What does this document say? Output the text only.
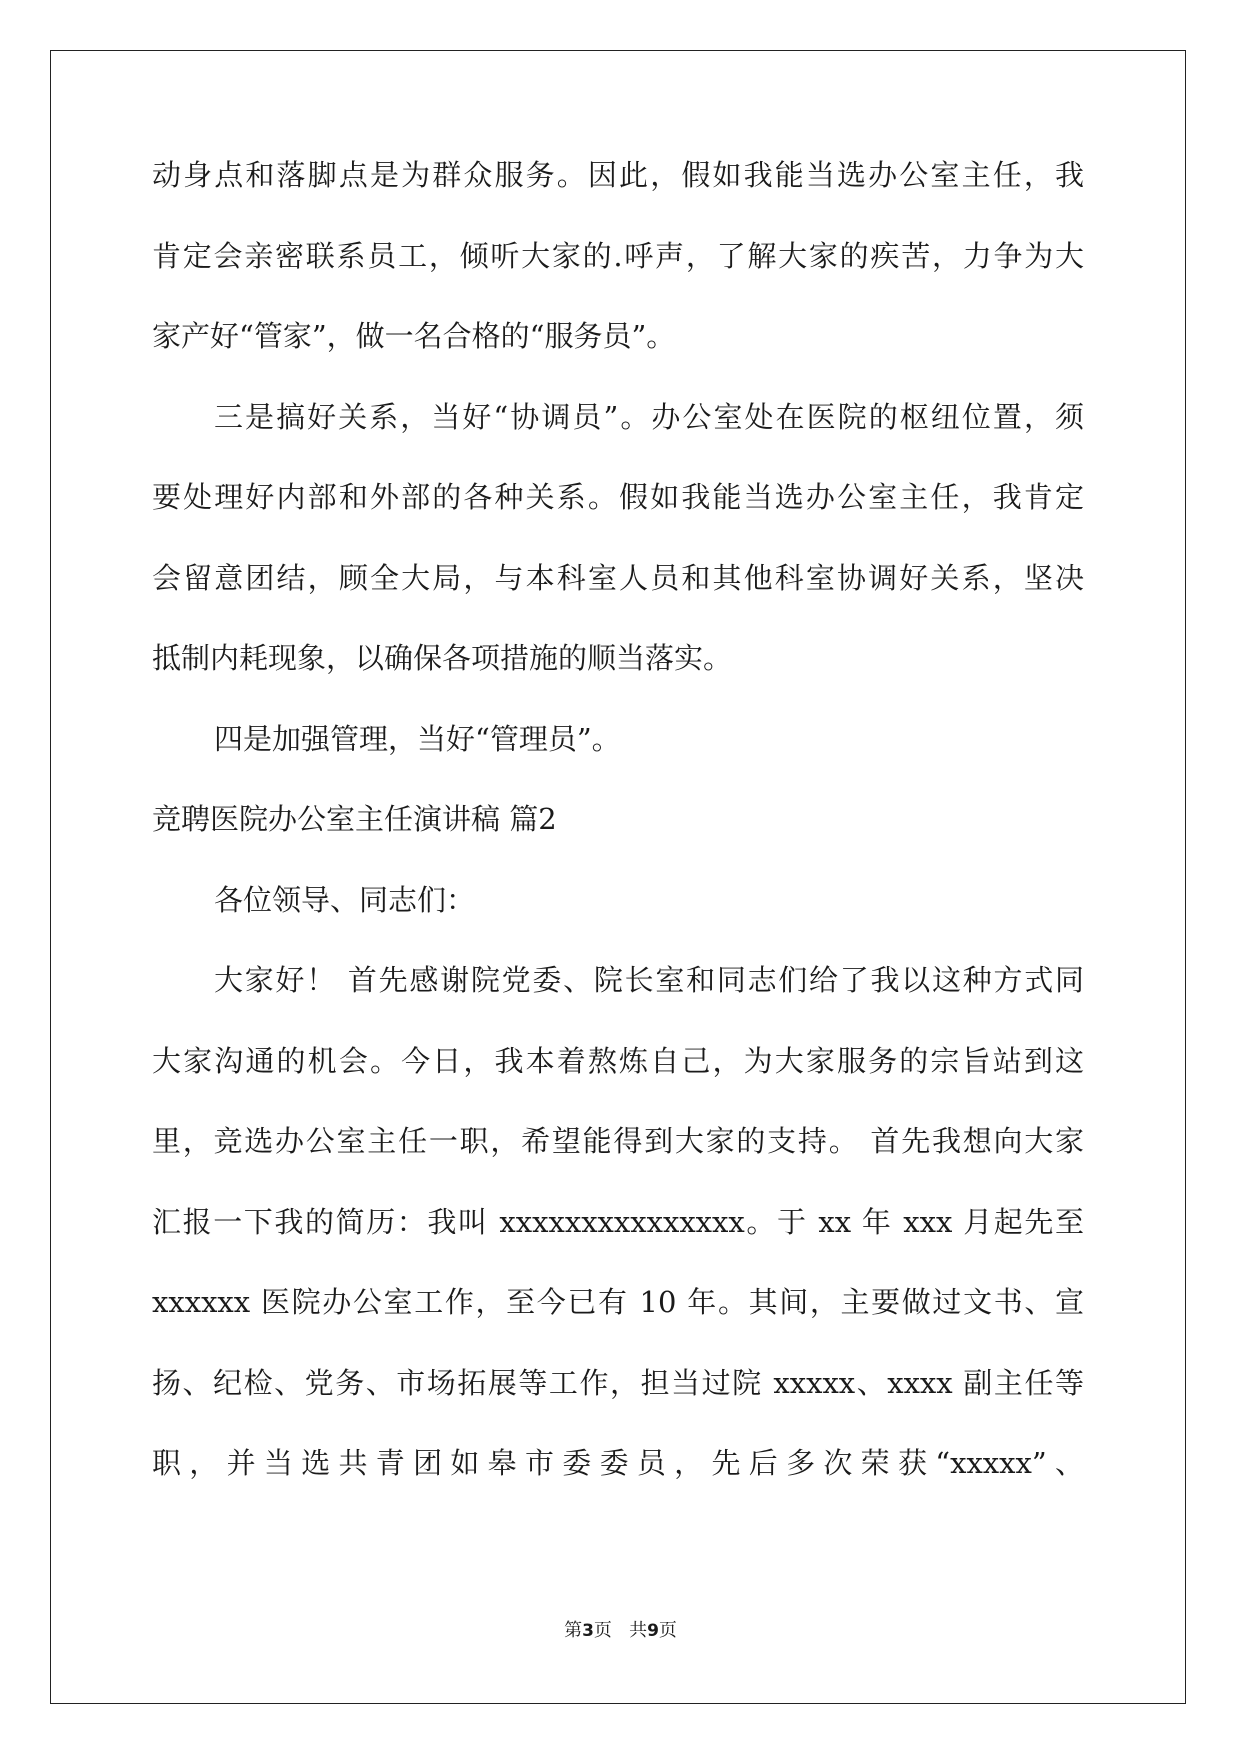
动身点和落脚点是为群众服务。因此，假如我能当选办公室主任，我
肯定会亲密联系员工，倾听大家的.呼声，了解大家的疾苦，力争为大
家产好“管家”，做一名合格的“服务员”。
三是搞好关系，当好“协调员”。办公室处在医院的枢纽位置，须
要处理好内部和外部的各种关系。假如我能当选办公室主任，我肯定
会留意团结，顾全大局，与本科室人员和其他科室协调好关系，坚决
抵制内耗现象，以确保各项措施的顺当落实。
四是加强管理，当好“管理员”。
竞聘医院办公室主任演讲稿 篇2
各位领导、同志们：
大家好！ 首先感谢院党委、院长室和同志们给了我以这种方式同
大家沟通的机会。今日，我本着熬炼自己，为大家服务的宗旨站到这
里，竞选办公室主任一职，希望能得到大家的支持。 首先我想向大家
汇报一下我的简历：我叫 xxxxxxxxxxxxxxx。于 xx 年 xxx 月起先至
xxxxxx 医院办公室工作，至今已有 10 年。其间，主要做过文书、宣
扬、纪检、党务、市场拓展等工作，担当过院 xxxxx、xxxx 副主任等
职，并当选共青团如皋市委委员，先后多次荣获“xxxxx”、
第3页   共9页
